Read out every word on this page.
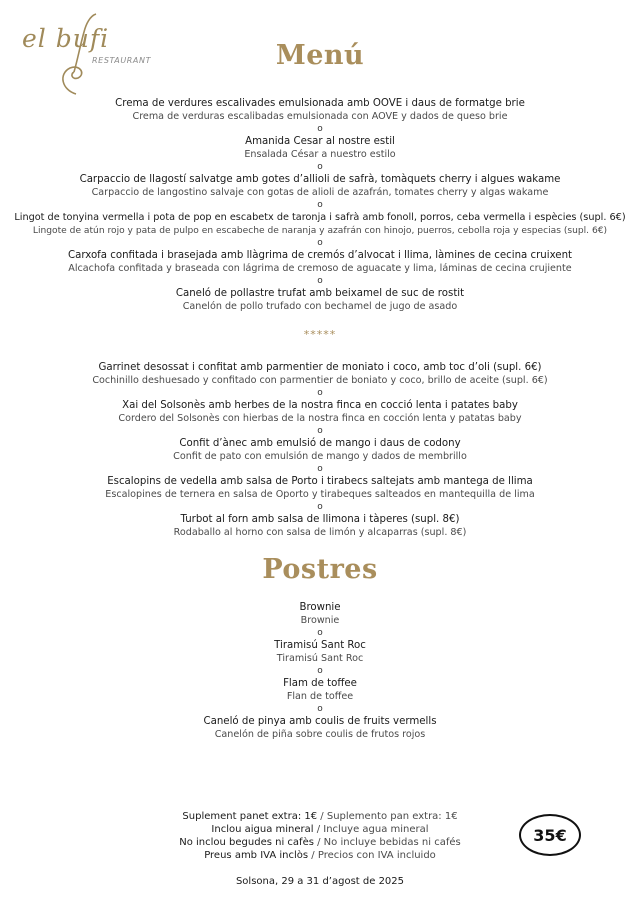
el bufi
RESTAURANT	Menú
Crema de verdures escalivades emulsionada amb OOVE i daus de formatge brie
Crema de verduras escalibadas emulsionada con AOVE y dados de queso brie
o
Amanida Cesar al nostre estil
Ensalada César a nuestro estilo
o
Carpaccio de llagostí salvatge amb gotes d’allioli de safrà, tomàquets cherry i algues wakame
Carpaccio de langostino salvaje con gotas de alioli de azafrán, tomates cherry y algas wakame
o
Lingot de tonyina vermella i pota de pop en escabetx de taronja i safrà amb fonoll, porros, ceba vermella i espècies (supl. 6€)
Lingote de atún rojo y pata de pulpo en escabeche de naranja y azafrán con hinojo, puerros, cebolla roja y especias (supl. 6€)
o
Carxofa confitada i brasejada amb llàgrima de cremós d’alvocat i llima, làmines de cecina cruixent
Alcachofa confitada y braseada con lágrima de cremoso de aguacate y lima, láminas de cecina crujiente
o
Caneló de pollastre trufat amb beixamel de suc de rostit
Canelón de pollo trufado con bechamel de jugo de asado
*****
Garrinet desossat i confitat amb parmentier de moniato i coco, amb toc d’oli (supl. 6€)
Cochinillo deshuesado y confitado con parmentier de boniato y coco, brillo de aceite (supl. 6€)
o
Xai del Solsonès amb herbes de la nostra finca en cocció lenta i patates baby
Cordero del Solsonès con hierbas de la nostra finca en cocción lenta y patatas baby
o
Confit d’ànec amb emulsió de mango i daus de codony
Confit de pato con emulsión de mango y dados de membrillo
o
Escalopins de vedella amb salsa de Porto i tirabecs saltejats amb mantega de llima
Escalopines de ternera en salsa de Oporto y tirabeques salteados en mantequilla de lima
o
Turbot al forn amb salsa de llimona i tàperes (supl. 8€)
Rodaballo al horno con salsa de limón y alcaparras (supl. 8€)
Postres
Brownie
Brownie
o
Tiramisú Sant Roc
Tiramisú Sant Roc
o
Flam de toffee
Flan de toffee
o
Caneló de pinya amb coulis de fruits vermells
Canelón de piña sobre coulis de frutos rojos
Suplement panet extra: 1€ / Suplemento pan extra: 1€
Inclou aigua mineral / Incluye agua mineral
No inclou begudes ni cafès / No incluye bebidas ni cafés
Preus amb IVA inclòs / Precios con IVA incluido
35€
Solsona, 29 a 31 d’agost de 2025
